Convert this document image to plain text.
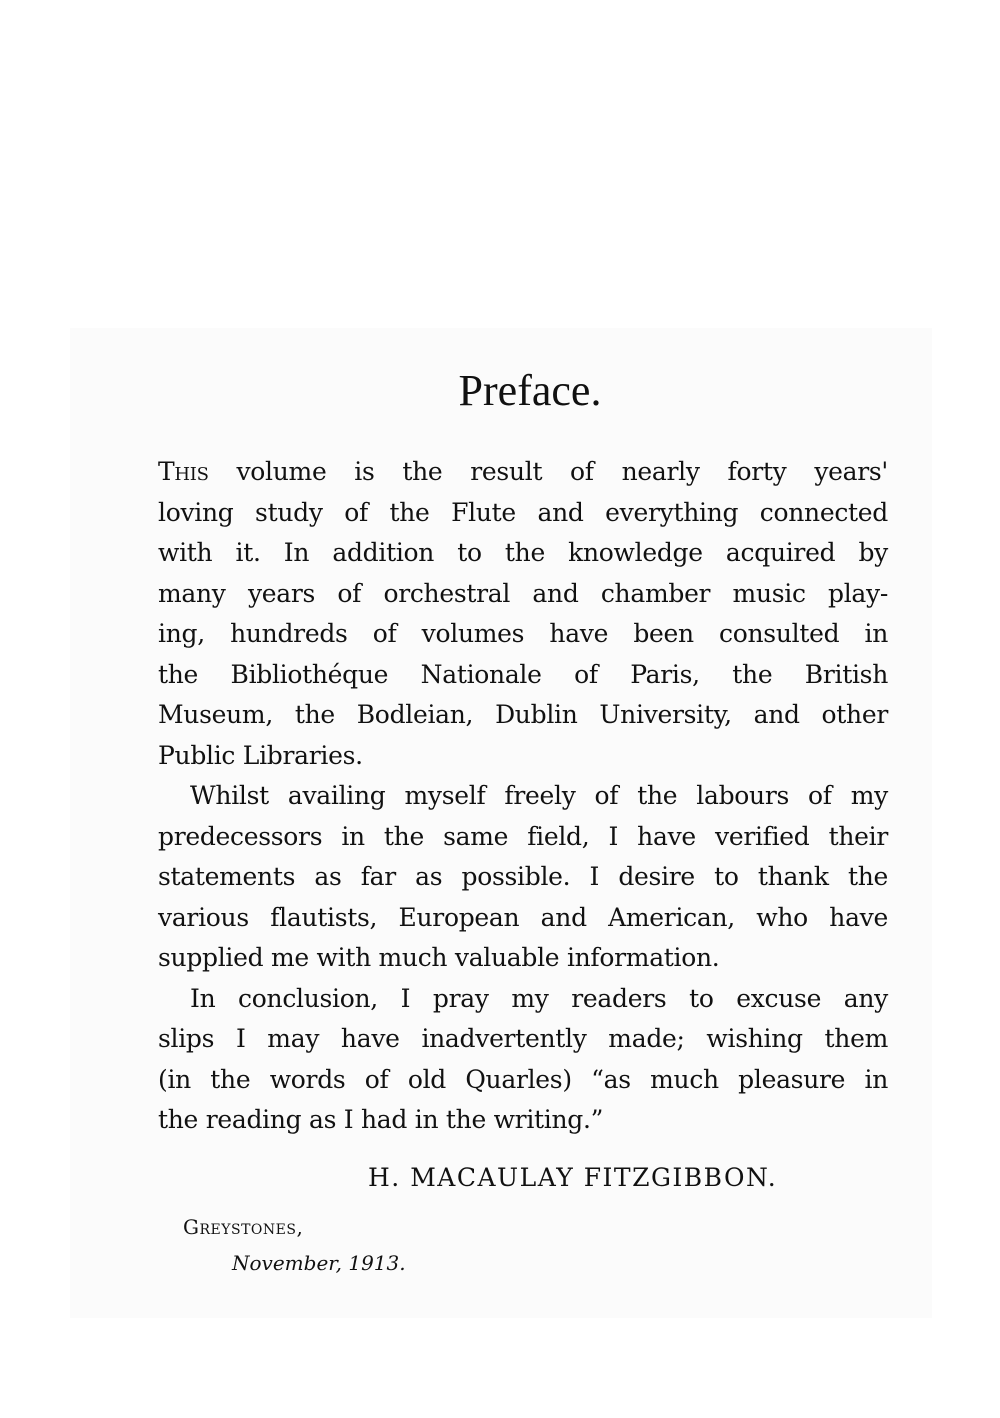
Preface.
This volume is the result of nearly forty years'
loving study of the Flute and everything connected
with it. In addition to the knowledge acquired by
many years of orchestral and chamber music play-
ing, hundreds of volumes have been consulted in
the Bibliothéque Nationale of Paris, the British
Museum, the Bodleian, Dublin University, and other
Public Libraries.
Whilst availing myself freely of the labours of my
predecessors in the same field, I have verified their
statements as far as possible. I desire to thank the
various flautists, European and American, who have
supplied me with much valuable information.
In conclusion, I pray my readers to excuse any
slips I may have inadvertently made; wishing them
(in the words of old Quarles) “as much pleasure in
the reading as I had in the writing.”
H. MACAULAY FITZGIBBON.
Greystones,
November, 1913.
